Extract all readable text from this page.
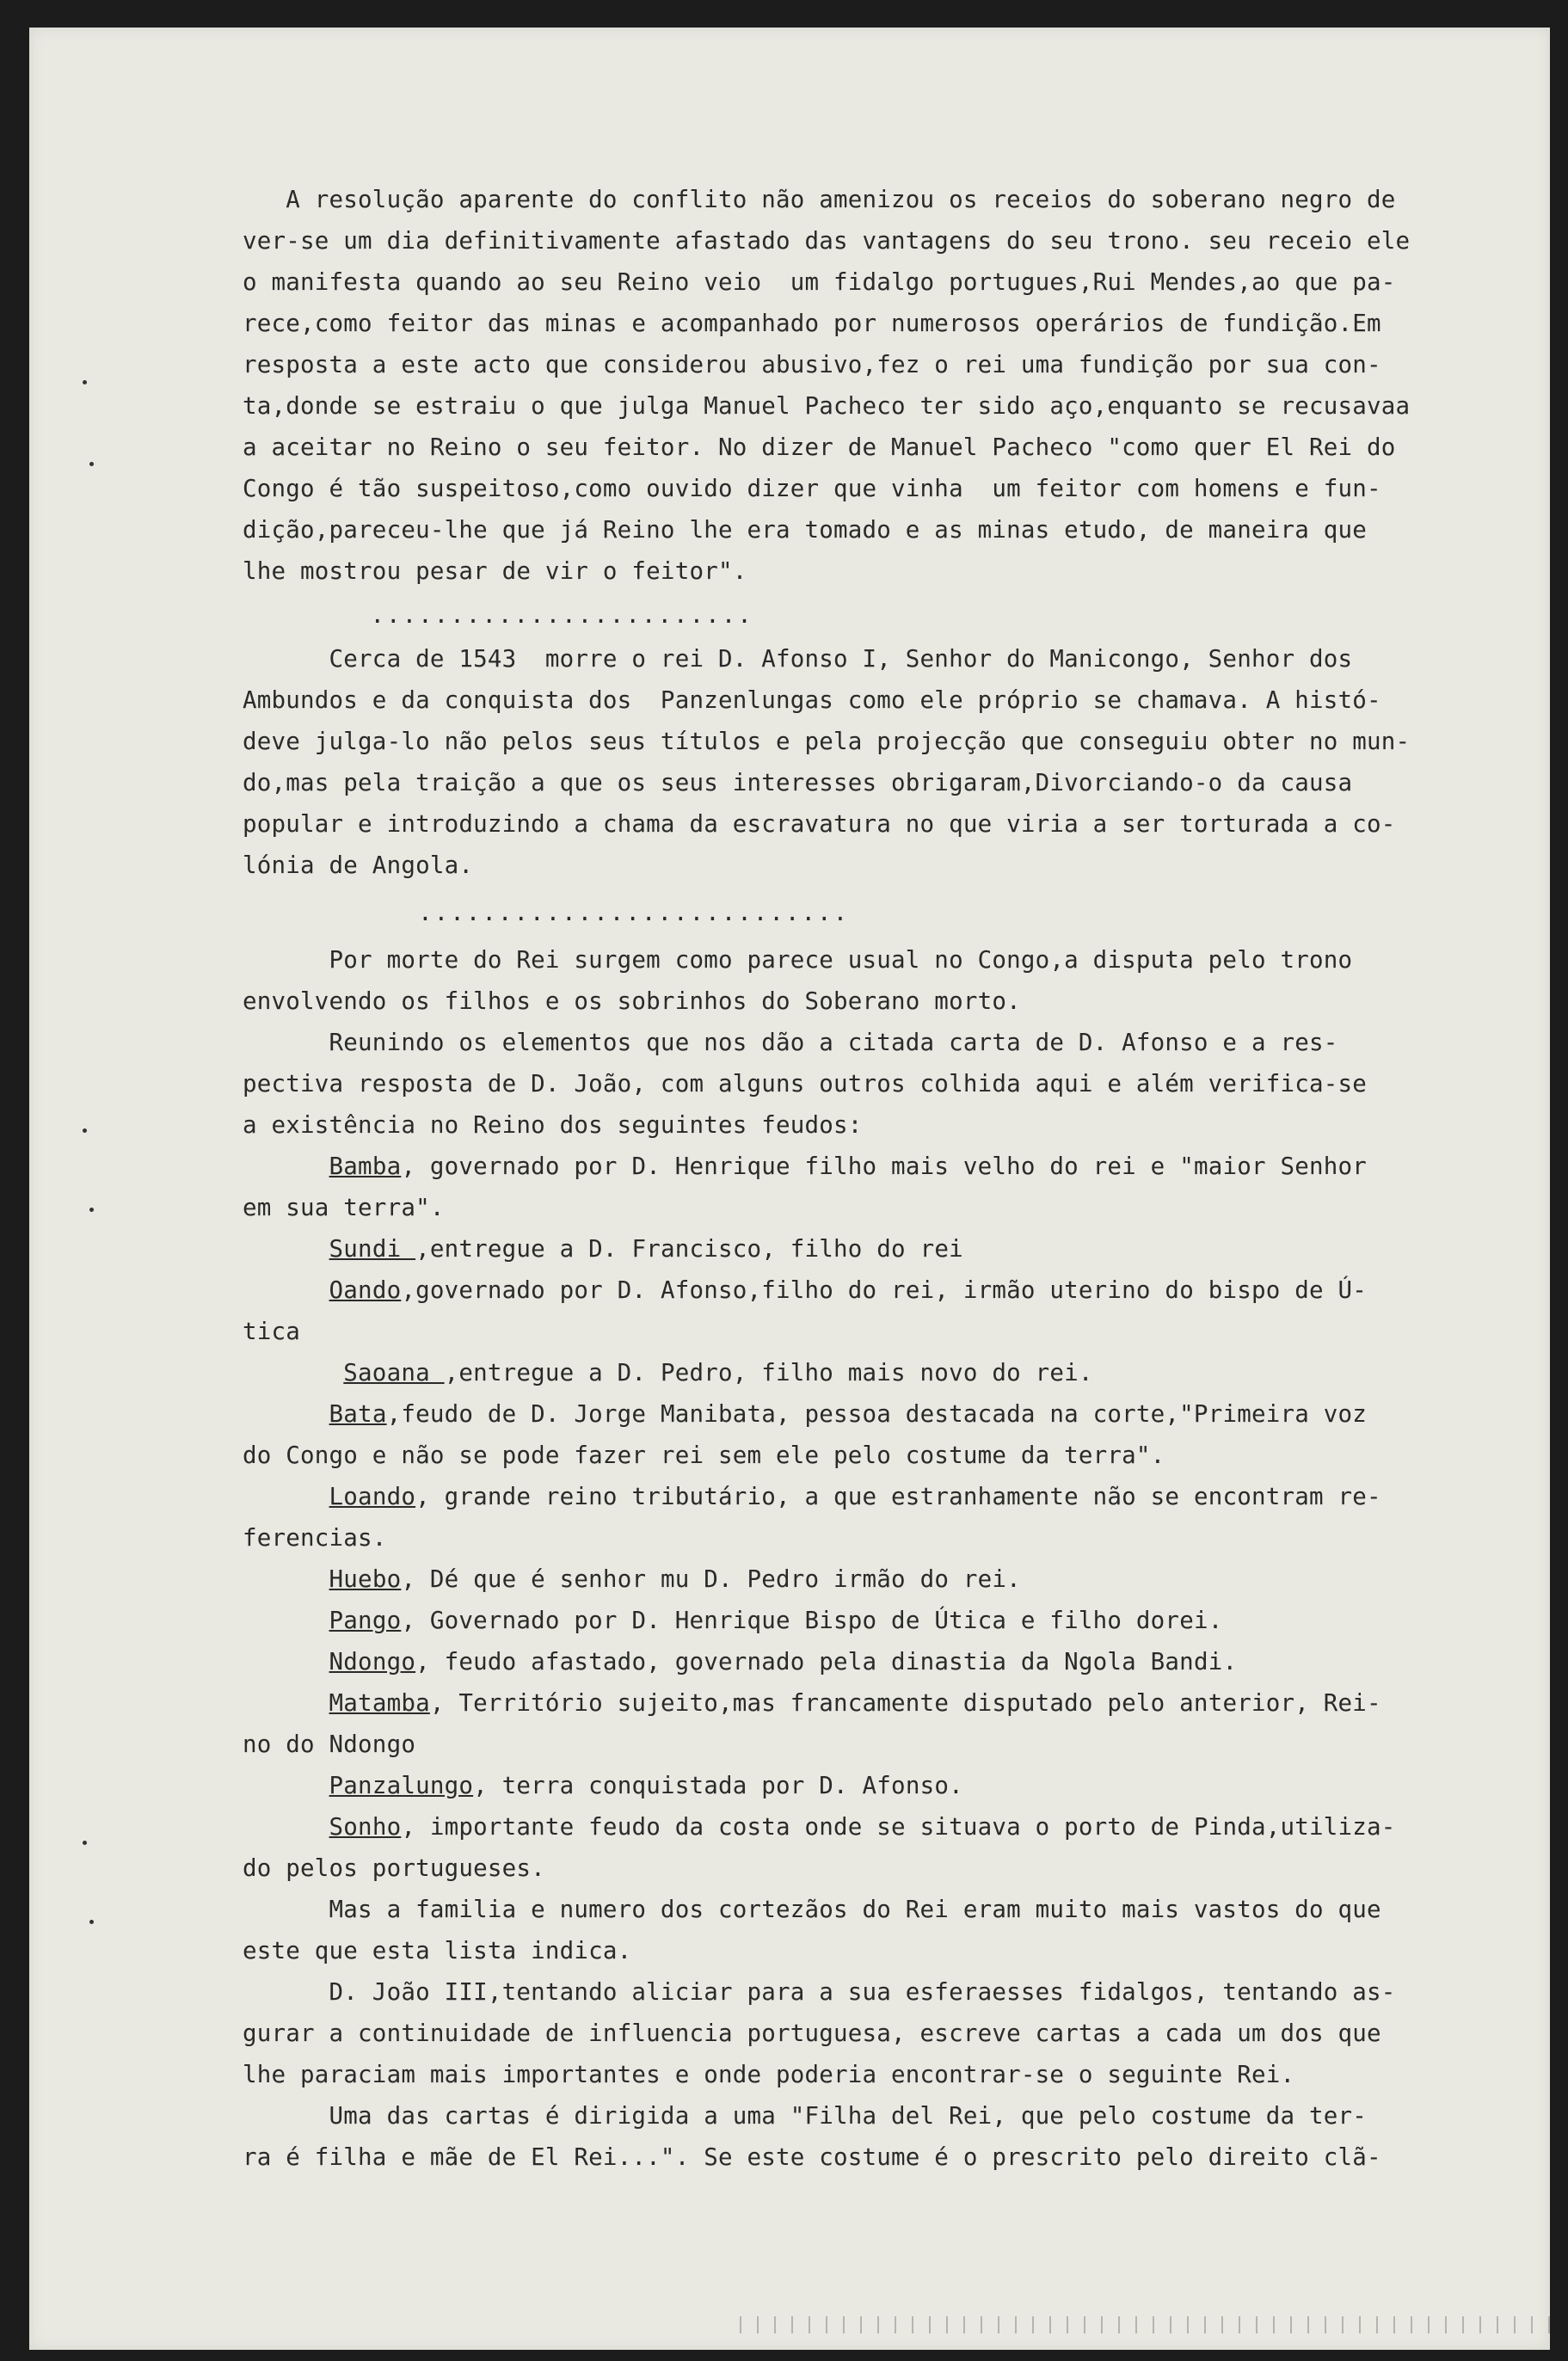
A resolução aparente do conflito não amenizou os receios do soberano negro de
ver-se um dia definitivamente afastado das vantagens do seu trono. seu receio ele
o manifesta quando ao seu Reino veio  um fidalgo portugues,Rui Mendes,ao que pa-
rece,como feitor das minas e acompanhado por numerosos operários de fundição.Em
resposta a este acto que considerou abusivo,fez o rei uma fundição por sua con-
ta,donde se estraiu o que julga Manuel Pacheco ter sido aço,enquanto se recusavaa
a aceitar no Reino o seu feitor. No dizer de Manuel Pacheco "como quer El Rei do
Congo é tão suspeitoso,como ouvido dizer que vinha  um feitor com homens e fun-
dição,pareceu-lhe que já Reino lhe era tomado e as minas etudo, de maneira que
lhe mostrou pesar de vir o feitor".
........................
Cerca de 1543  morre o rei D. Afonso I, Senhor do Manicongo, Senhor dos
Ambundos e da conquista dos  Panzenlungas como ele próprio se chamava. A histó-
deve julga-lo não pelos seus títulos e pela projecção que conseguiu obter no mun-
do,mas pela traição a que os seus interesses obrigaram,Divorciando-o da causa
popular e introduzindo a chama da escravatura no que viria a ser torturada a co-
lónia de Angola.
...........................
Por morte do Rei surgem como parece usual no Congo,a disputa pelo trono
envolvendo os filhos e os sobrinhos do Soberano morto.
Reunindo os elementos que nos dão a citada carta de D. Afonso e a res-
pectiva resposta de D. João, com alguns outros colhida aqui e além verifica-se
a existência no Reino dos seguintes feudos:
Bamba, governado por D. Henrique filho mais velho do rei e "maior Senhor
em sua terra".
Sundi ,entregue a D. Francisco, filho do rei
Oando,governado por D. Afonso,filho do rei, irmão uterino do bispo de Ú-
tica
Saoana ,entregue a D. Pedro, filho mais novo do rei.
Bata,feudo de D. Jorge Manibata, pessoa destacada na corte,"Primeira voz
do Congo e não se pode fazer rei sem ele pelo costume da terra".
Loando, grande reino tributário, a que estranhamente não se encontram re-
ferencias.
Huebo, Dé que é senhor mu D. Pedro irmão do rei.
Pango, Governado por D. Henrique Bispo de Útica e filho dorei.
Ndongo, feudo afastado, governado pela dinastia da Ngola Bandi.
Matamba, Território sujeito,mas francamente disputado pelo anterior, Rei-
no do Ndongo
Panzalungo, terra conquistada por D. Afonso.
Sonho, importante feudo da costa onde se situava o porto de Pinda,utiliza-
do pelos portugueses.
Mas a familia e numero dos cortezãos do Rei eram muito mais vastos do que
este que esta lista indica.
D. João III,tentando aliciar para a sua esferaesses fidalgos, tentando as-
gurar a continuidade de influencia portuguesa, escreve cartas a cada um dos que
lhe paraciam mais importantes e onde poderia encontrar-se o seguinte Rei.
Uma das cartas é dirigida a uma "Filha del Rei, que pelo costume da ter-
ra é filha e mãe de El Rei...". Se este costume é o prescrito pelo direito clã-
